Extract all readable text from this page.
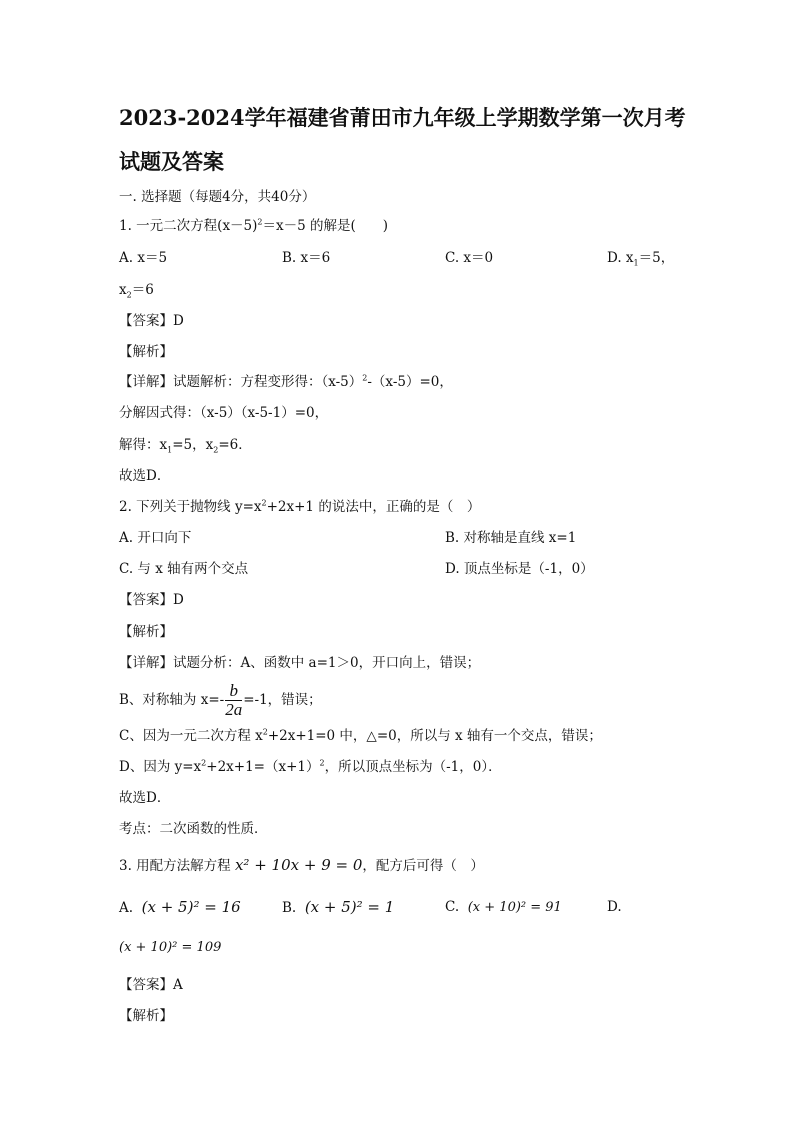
2023-2024学年福建省莆田市九年级上学期数学第一次月考
试题及答案
一. 选择题（每题4分，共40分）
1. 一元二次方程$(x-5)^2=x-5$ 的解是(　　)
A. x＝5	B. x＝6	C. x＝0	D. $x_1=5$，
$x_2=6$
【答案】D
【解析】
【详解】试题解析：方程变形得：$(x-5)^2-(x-5)=0$，
分解因式得：（x-5）（x-5-1）=0，
解得：$x_1=5$，$x_2=6$．
故选D．
2. 下列关于抛物线 $y=x^2+2x+1$ 的说法中，正确的是（　）
A. 开口向下	B. 对称轴是直线 x=1
C. 与 x 轴有两个交点	D. 顶点坐标是（-1，0）
【答案】D
【解析】
【详解】试题分析：A、函数中 a=1＞0，开口向上，错误；
B、对称轴为 $x=- \frac{b}{2a} =-1$，错误；
C、因为一元二次方程 $x^2+2x+1=0$ 中，△=0，所以与 x 轴有一个交点，错误；
D、因为 $y=x^2+2x+1=(x+1)^2$，所以顶点坐标为（-1，0）．
故选D．
考点：二次函数的性质．
3. 用配方法解方程 x² + 10x + 9 = 0，配方后可得（　）
A. (x + 5)² = 16	B. (x + 5)² = 1	C. (x + 10)² = 91	D.
(x + 10)² = 109
【答案】A
【解析】
